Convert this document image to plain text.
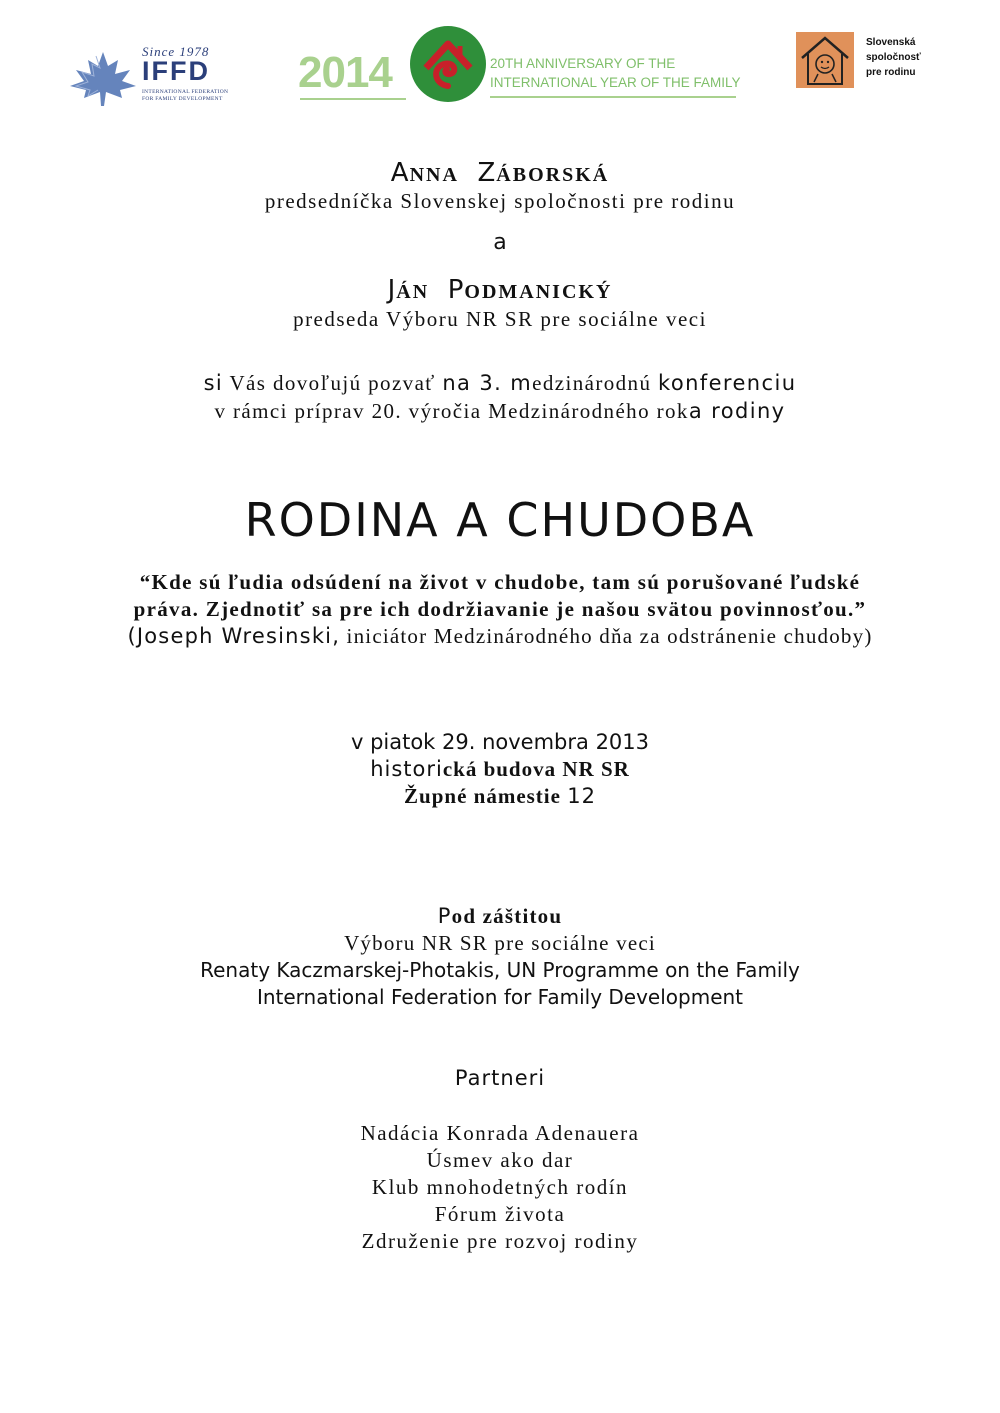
Since 1978
IFFD
INTERNATIONAL FEDERATION
FOR FAMILY DEVELOPMENT
2014	20TH ANNIVERSARY OF THE
INTERNATIONAL YEAR OF THE FAMILY
Slovenská
spoločnosť
pre rodinu
ANNA ZÁBORSKÁ
predsedníčka Slovenskej spoločnosti pre rodinu
a
JÁN PODMANICKÝ
predseda Výboru NR SR pre sociálne veci
si Vás dovoľujú pozvať na 3. medzinárodnú konferenciu
v rámci príprav 20. výročia Medzinárodného roka rodiny
RODINA A CHUDOBA
“Kde sú ľudia odsúdení na život v chudobe, tam sú porušované ľudské
práva. Zjednotiť sa pre ich dodržiavanie je našou svätou povinnosťou.”
(Joseph Wresinski, iniciátor Medzinárodného dňa za odstránenie chudoby)
v piatok 29. novembra 2013
historická budova NR SR
Župné námestie 12
Pod záštitou
Výboru NR SR pre sociálne veci
Renaty Kaczmarskej-Photakis, UN Programme on the Family
International Federation for Family Development
Partneri
Nadácia Konrada Adenauera
Úsmev ako dar
Klub mnohodetných rodín
Fórum života
Združenie pre rozvoj rodiny
